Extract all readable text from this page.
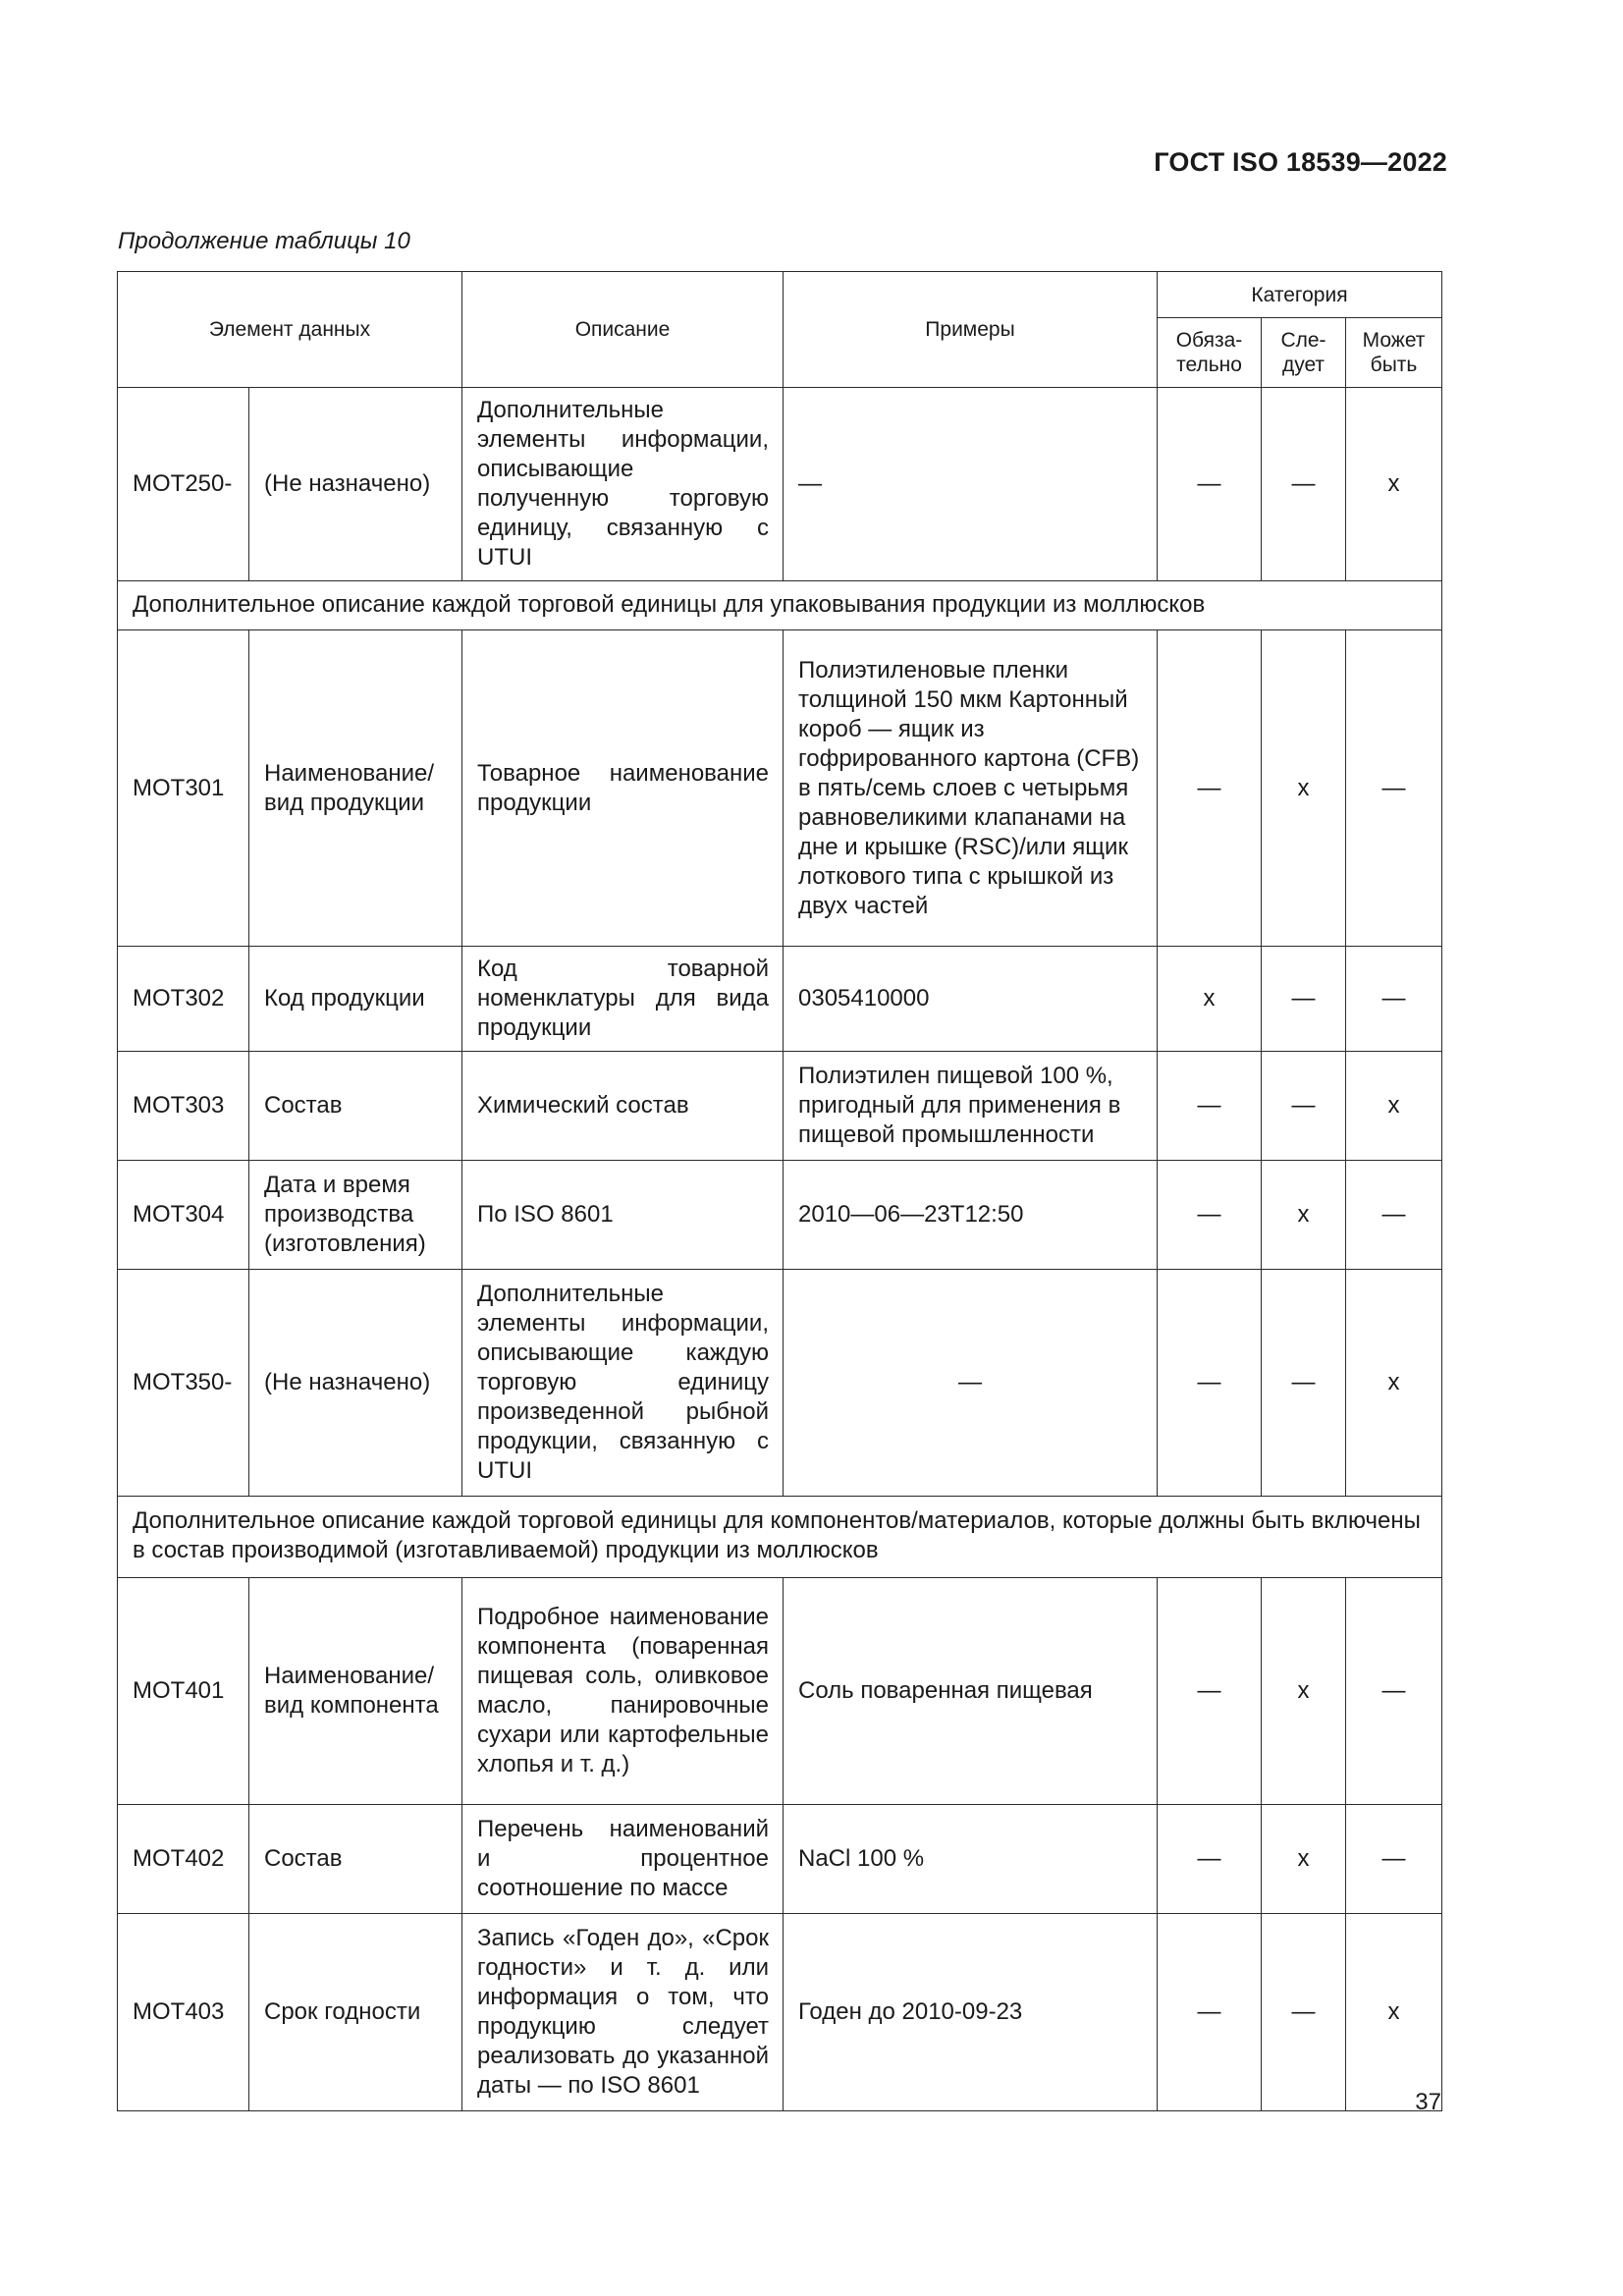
ГОСТ ISO 18539—2022
Продолжение таблицы 10
Элемент данных		Описание	Примеры	Категория		
				Обяза-тельно	Сле-дует	Может быть
MOT250-	(Не назначено)	Дополнительные элементы информации, описывающие полученную торговую единицу, связанную с UTUI	—	—	—	x
Дополнительное описание каждой торговой единицы для упаковывания продукции из моллюсков						
MOT301	Наименование/ вид продукции	Товарное наименование продукции	Полиэтиленовые пленки толщиной 150 мкм Картонный короб — ящик из гофрированного картона (CFB) в пять/семь слоев с четырьмя равновеликими клапанами на дне и крышке (RSC)/или ящик лоткового типа с крышкой из двух частей	—	x	—
MOT302	Код продукции	Код товарной номенклатуры для вида продукции	0305410000	x	—	—
MOT303	Состав	Химический состав	Полиэтилен пищевой 100 %, пригодный для применения в пищевой промышленности	—	—	x
MOT304	Дата и время производства (изготовления)	По ISO 8601	2010—06—23T12:50	—	x	—
MOT350-	(Не назначено)	Дополнительные элементы информации, описывающие каждую торговую единицу произведенной рыбной продукции, связанную с UTUI	—	—	—	x
Дополнительное описание каждой торговой единицы для компонентов/материалов, которые должны быть включены в состав производимой (изготавливаемой) продукции из моллюсков						
MOT401	Наименование/ вид компонента	Подробное наименование компонента (поваренная пищевая соль, оливковое масло, панировочные сухари или картофельные хлопья и т. д.)	Соль поваренная пищевая	—	x	—
MOT402	Состав	Перечень наименований и процентное соотношение по массе	NaCl 100 %	—	x	—
MOT403	Срок годности	Запись «Годен до», «Срок годности» и т. д. или информация о том, что продукцию следует реализовать до указанной даты — по ISO 8601	Годен до 2010-09-23	—	—	x
37
